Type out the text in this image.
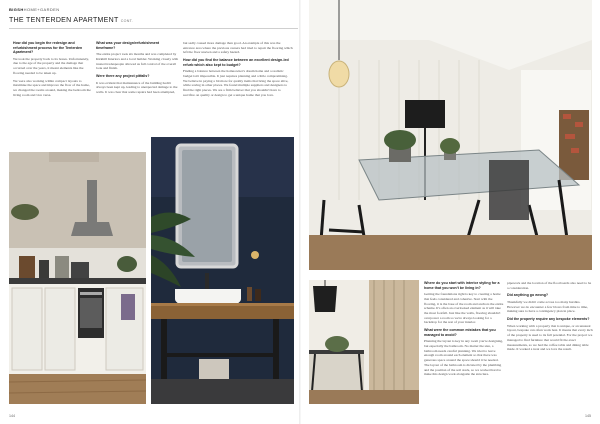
BIGSHHOME+GARDEN
THE TENTERDEN APARTMENT CONT.

How did you begin the redesign and refurbishment process for the Tenterden Apartment?

We took the property back to its bones. Unfortunately, due to the age of the property and the damage that occurred over the years, it meant elements like the flooring needed to be taken up.

We were also working within compact layouts to maximise the space and improve the flow of the home, we changed the rooms around, making the bedroom the living room and vice versa.

What was your design/refurbishment timeframe?

The entire project took six months and was completed by Kirkhill Interiors and a local builder. Working closely with trusted tradespeople allowed us full control of the overall look and finish.

Were there any project pitfalls?

It was evident that maintenance of the building hadn't always been kept up, leading to unexpected damage to the walls. It was clear that some repairs had been attempted,

but sadly caused more damage than good. An example of this was the entrance area where the previous owners had tried to repair the flooring which left the floor uneven and a safety hazard.

How did you find the balance between an excellent design-led refurb which also kept to budget?

Finding a balance between the homeowner's dream home and a realistic budget isn't impossible. It just requires planning and a little compromising. We believe in paying a bit more for quality items that bring the space alive, while saving in other places. We found multiple suppliers and designers to find the right pieces. We are a firm believer that you shouldn't have to sacrifice on quality or design to get a unique home that you love.

144

Where do you start with interior styling for a home that you won't be living in?

Getting the foundations right is key to creating a home that feels considered and cohesive. Start with the flooring, it is the base of the room and anchors the entire scheme. It's often an overlooked element as it will take the most footfall. Just like the walls, flooring shouldn't overpower a room so we're always looking for a backdrop for the rest of your interior.

What were the common mistakes that you managed to avoid?

Planning the layout is key in any room you're designing, but especially the bathroom. No matter the size, a bathroom needs careful planning. We tried to leave enough room around each element so that there was generous space around the space should it be needed. The layout of the bathroom is dictated by the plumbing and the position of the soil stack, so we worked hard to make this design work alongside the structure.

pipework and the location of the floorboards also need to be a consideration.

Did anything go wrong?

Thankfully we didn't come across too many hurdles. However we do encounter a few blows from time to time, making sure to have a contingency plan in place.

Did the property require any bespoke elements?

When working with a property that is unique, or an unusual layout, bespoke can often work best. It means that every inch of the property is used to its full potential. For the project we managed to find furniture that would fit the exact measurements, so we had the coffee table and dining table made. It worked a treat and we love the result.

145
